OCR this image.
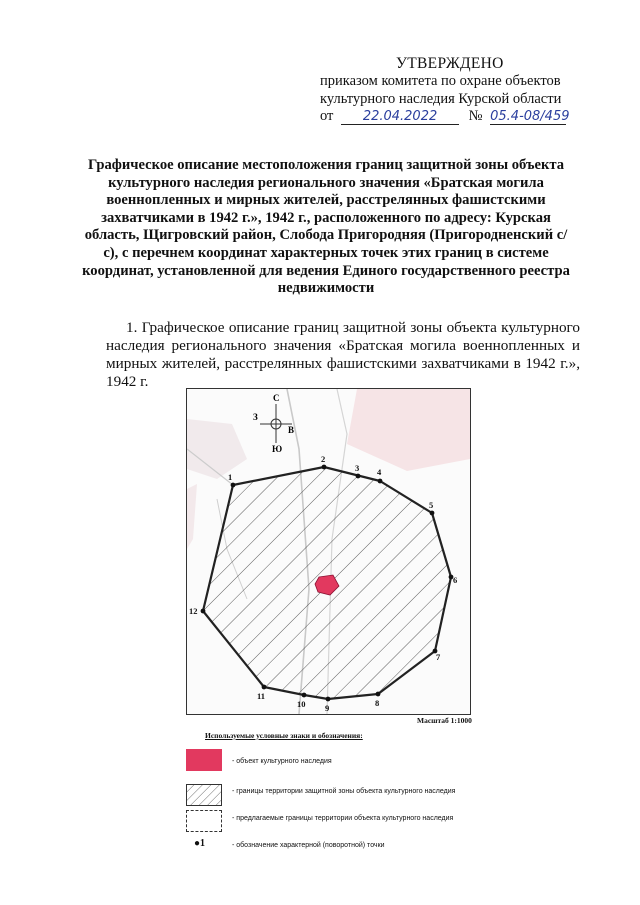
УТВЕРЖДЕНО
приказом комитета по охране объектов
культурного наследия Курской области
от 22.04.2022 № 05.4-08/459
Графическое описание местоположения границ защитной зоны объекта культурного наследия регионального значения «Братская могила военнопленных и мирных жителей, расстрелянных фашистскими захватчиками в 1942 г.», 1942 г., расположенного по адресу: Курская область, Щигровский район, Слобода Пригородняя (Пригородненский с/с), с перечнем координат характерных точек этих границ в системе координат, установленной для ведения Единого государственного реестра недвижимости
1. Графическое описание границ защитной зоны объекта культурного наследия регионального значения «Братская могила военнопленных и мирных жителей, расстрелянных фашистскими захватчиками в 1942 г.», 1942 г.
С
Ю
З
В
1
2
3 4
5
6
7
8
9
10
11
12
Масштаб 1:1000
Используемые условные знаки и обозначения:
- объект культурного наследия
- границы территории защитной зоны объекта культурного наследия
- предлагаемые границы территории объекта культурного наследия
●1	- обозначение характерной (поворотной) точки
